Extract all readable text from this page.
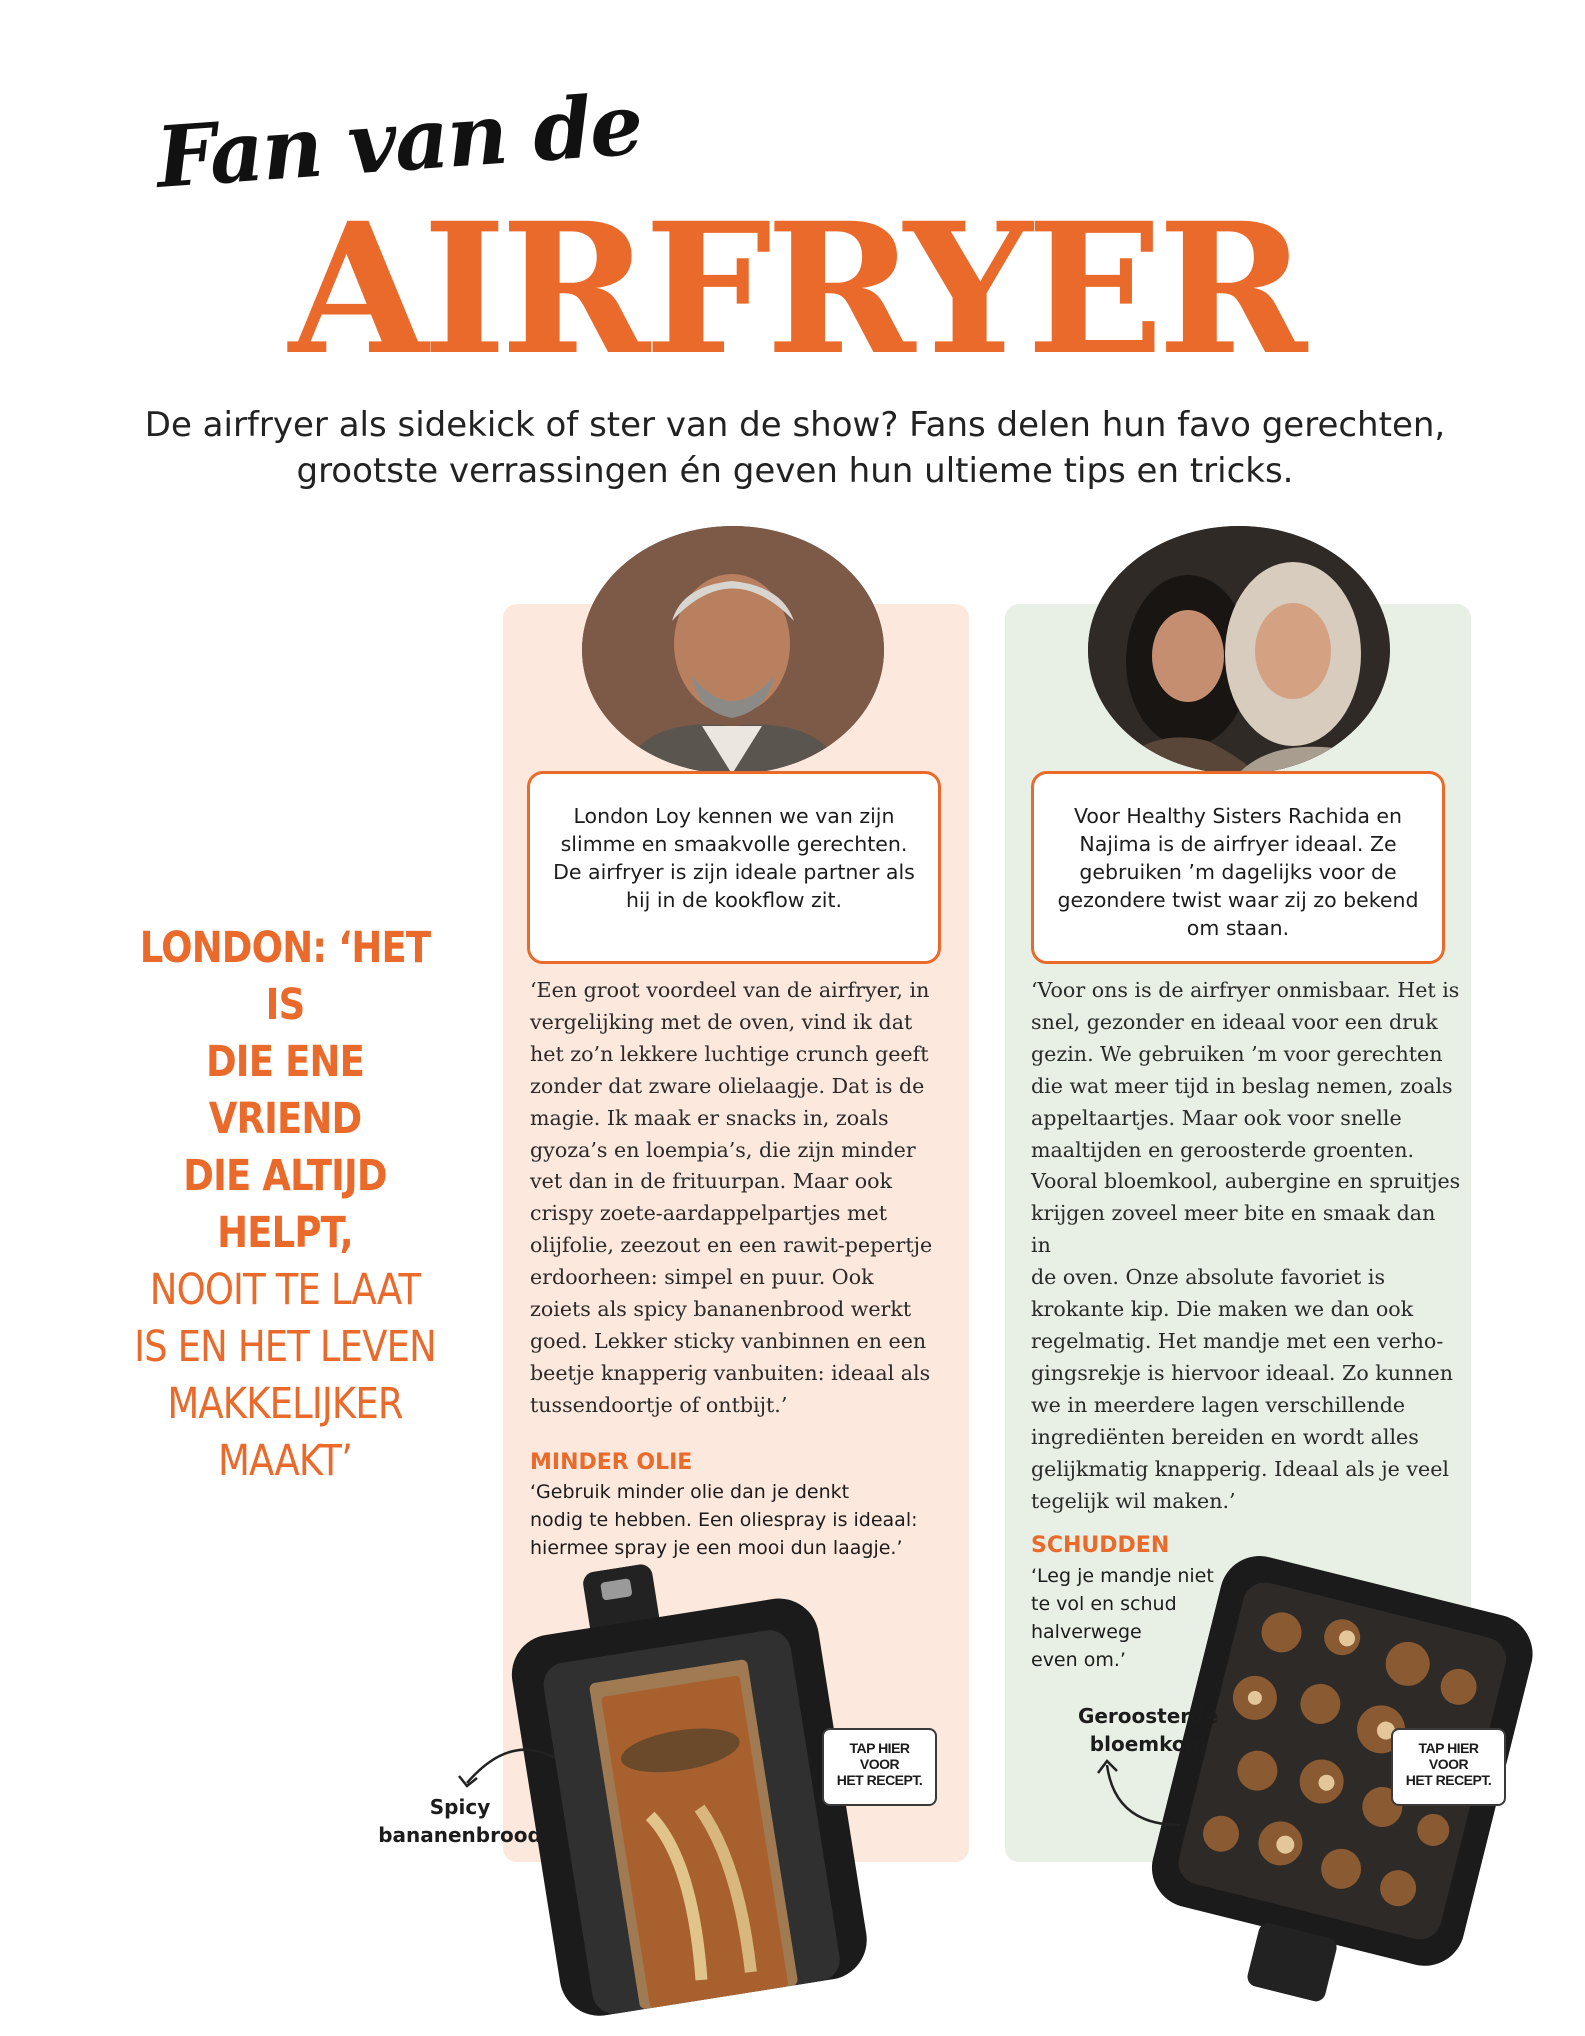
Fan van de
AIRFRYER
De airfryer als sidekick of ster van de show? Fans delen hun favo gerechten, grootste verrassingen én geven hun ultieme tips en tricks.
LONDON: ‘HET IS
DIE ENE VRIEND
DIE ALTIJD HELPT,
NOOIT TE LAAT
IS EN HET LEVEN
MAKKELIJKER
MAAKT’
London Loy kennen we van zijn slimme en smaakvolle gerechten. De airfryer is zijn ideale partner als hij in de kookflow zit.
Voor Healthy Sisters Rachida en Najima is de airfryer ideaal. Ze gebruiken ’m dagelijks voor de gezondere twist waar zij zo bekend om staan.
‘Een groot voordeel van de airfryer, in
vergelijking met de oven, vind ik dat
het zo’n lekkere luchtige crunch geeft
zonder dat zware olielaagje. Dat is de
magie. Ik maak er snacks in, zoals
gyoza’s en loempia’s, die zijn minder
vet dan in de frituurpan. Maar ook
crispy zoete-aardappelpartjes met
olijfolie, zeezout en een rawit-pepertje
erdoorheen: simpel en puur. Ook
zoiets als spicy bananenbrood werkt
goed. Lekker sticky vanbinnen en een
beetje knapperig vanbuiten: ideaal als
tussendoortje of ontbijt.’
‘Voor ons is de airfryer onmisbaar. Het is
snel, gezonder en ideaal voor een druk
gezin. We gebruiken ’m voor gerechten
die wat meer tijd in beslag nemen, zoals
appeltaartjes. Maar ook voor snelle
maaltijden en geroosterde groenten.
Vooral bloemkool, aubergine en spruitjes
krijgen zoveel meer bite en smaak dan in
de oven. Onze absolute favoriet is
krokante kip. Die maken we dan ook
regelmatig. Het mandje met een verho-
gingsrekje is hiervoor ideaal. Zo kunnen
we in meerdere lagen verschillende
ingrediënten bereiden en wordt alles
gelijkmatig knapperig. Ideaal als je veel
tegelijk wil maken.’
MINDER OLIE
‘Gebruik minder olie dan je denkt
nodig te hebben. Een oliespray is ideaal:
hiermee spray je een mooi dun laagje.’	SCHUDDEN
‘Leg je mandje niet
te vol en schud
halverwege
even om.’
Spicy
bananenbrood
Geroosterde
bloemkool
TAP HIER
VOOR
HET RECEPT.
TAP HIER
VOOR
HET RECEPT.
